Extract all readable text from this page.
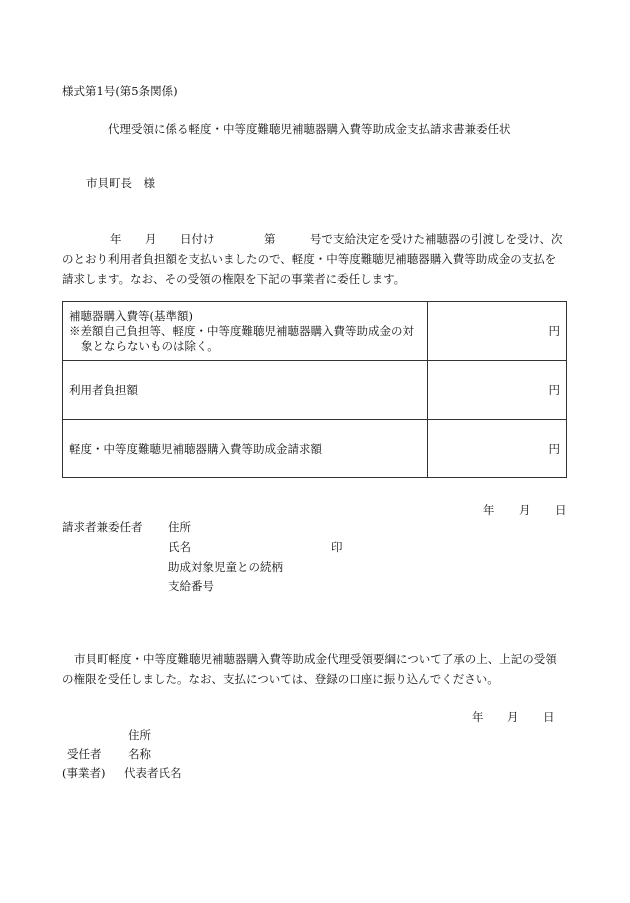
様式第1号(第5条関係)
代理受領に係る軽度・中等度難聴児補聴器購入費等助成金支払請求書兼委任状
市貝町長　様
年 月 日付け	第	号で支給決定を受けた補聴器の引渡しを受け、次
のとおり利用者負担額を支払いましたので、軽度・中等度難聴児補聴器購入費等助成金の支払を
請求します。なお、その受領の権限を下記の事業者に委任します。
補聴器購入費等(基準額)
※差額自己負担等、軽度・中等度難聴児補聴器購入費等助成金の対
象とならないものは除く。	円
利用者負担額	円
軽度・中等度難聴児補聴器購入費等助成金請求額	円
年 月 日
請求者兼委任者 住所
氏名	印
助成対象児童との続柄
支給番号
市貝町軽度・中等度難聴児補聴器購入費等助成金代理受領要綱について了承の上、上記の受領
の権限を受任しました。なお、支払については、登録の口座に振り込んでください。
年 月 日
住所
受任者 名称
(事業者) 代表者氏名
